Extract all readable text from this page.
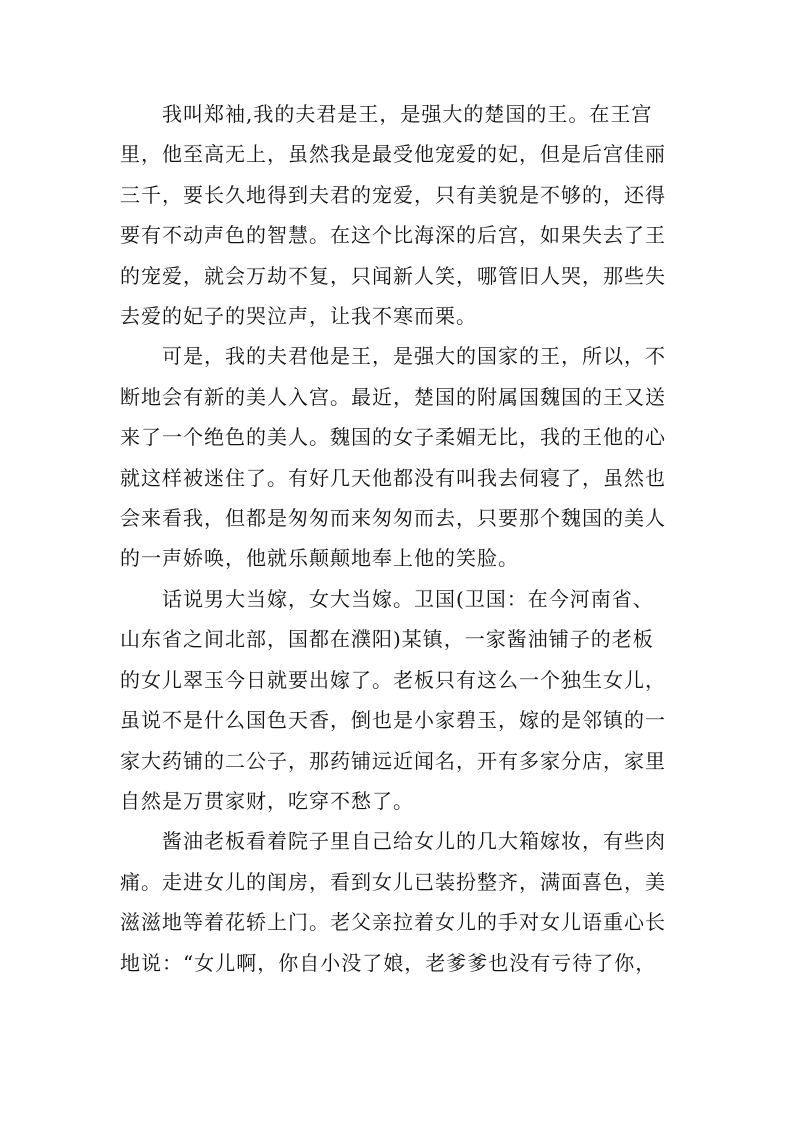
我叫郑袖,我的夫君是王，是强大的楚国的王。在王宫
里，他至高无上，虽然我是最受他宠爱的妃，但是后宫佳丽
三千，要长久地得到夫君的宠爱，只有美貌是不够的，还得
要有不动声色的智慧。在这个比海深的后宫，如果失去了王
的宠爱，就会万劫不复，只闻新人笑，哪管旧人哭，那些失
去爱的妃子的哭泣声，让我不寒而栗。
可是，我的夫君他是王，是强大的国家的王，所以，不
断地会有新的美人入宫。最近，楚国的附属国魏国的王又送
来了一个绝色的美人。魏国的女子柔媚无比，我的王他的心
就这样被迷住了。有好几天他都没有叫我去伺寝了，虽然也
会来看我，但都是匆匆而来匆匆而去，只要那个魏国的美人
的一声娇唤，他就乐颠颠地奉上他的笑脸。
话说男大当嫁，女大当嫁。卫国(卫国：在今河南省、
山东省之间北部，国都在濮阳)某镇，一家酱油铺子的老板
的女儿翠玉今日就要出嫁了。老板只有这么一个独生女儿，
虽说不是什么国色天香，倒也是小家碧玉，嫁的是邻镇的一
家大药铺的二公子，那药铺远近闻名，开有多家分店，家里
自然是万贯家财，吃穿不愁了。
酱油老板看着院子里自己给女儿的几大箱嫁妆，有些肉
痛。走进女儿的闺房，看到女儿已装扮整齐，满面喜色，美
滋滋地等着花轿上门。老父亲拉着女儿的手对女儿语重心长
地说：“女儿啊，你自小没了娘，老爹爹也没有亏待了你，
